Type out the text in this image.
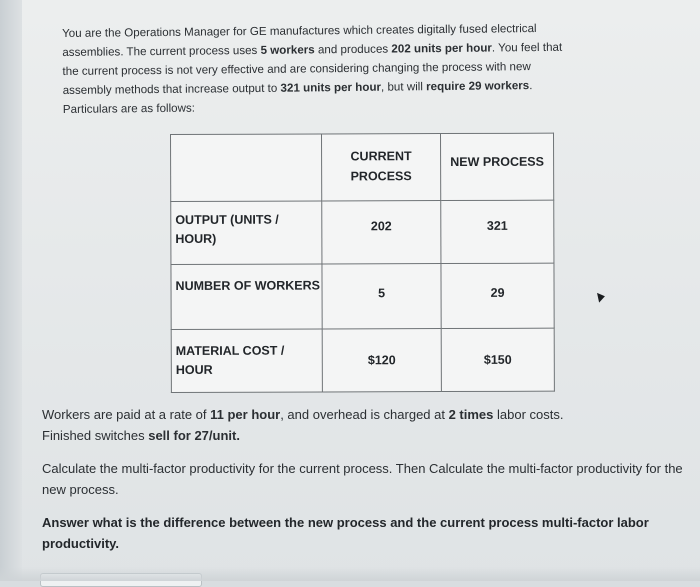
You are the Operations Manager for GE manufactures which creates digitally fused electrical
assemblies. The current process uses 5 workers and produces 202 units per hour. You feel that
the current process is not very effective and are considering changing the process with new
assembly methods that increase output to 321 units per hour, but will require 29 workers.
Particulars are as follows:

	CURRENT PROCESS	NEW PROCESS

OUTPUT (UNITS / HOUR)	202	321

NUMBER OF WORKERS	5	29

MATERIAL COST / HOUR	$120	$150
Workers are paid at a rate of 11 per hour, and overhead is charged at 2 times labor costs.
Finished switches sell for 27/unit.
Calculate the multi-factor productivity for the current process. Then Calculate the multi-factor productivity for the new process.
Answer what is the difference between the new process and the current process multi-factor labor productivity.
